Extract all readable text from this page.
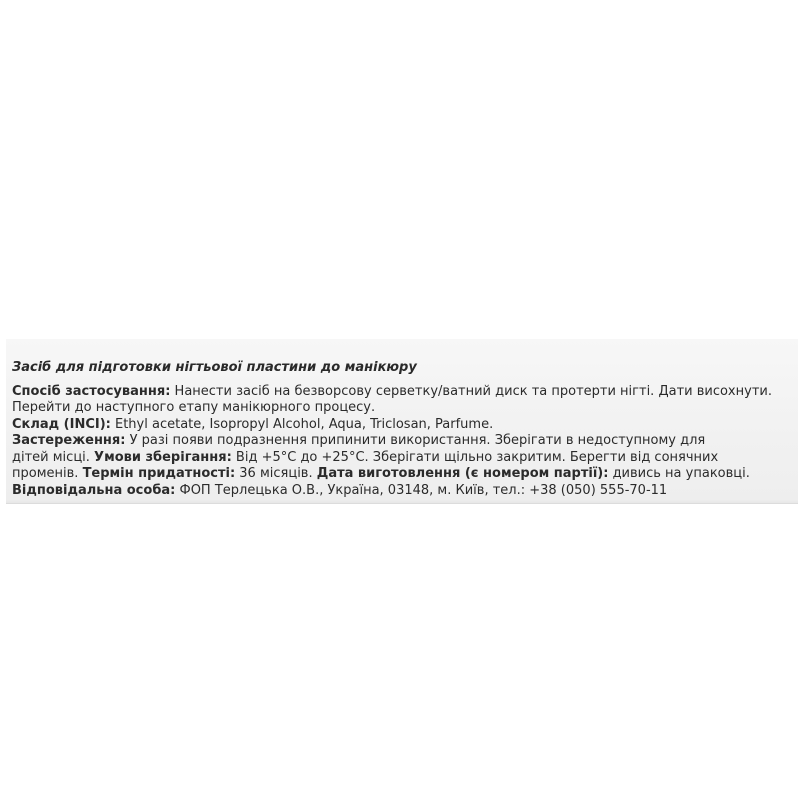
Засіб для підготовки нігтьової пластини до манікюру
Спосіб застосування: Нанести засіб на безворсову серветку/ватний диск та протерти нігті. Дати висохнути.
Перейти до наступного етапу манікюрного процесу.
Склад (INCI): Ethyl acetate, Isopropyl Alcohol, Aqua, Triclosan, Parfume.
Застереження: У разі появи подразнення припинити використання. Зберігати в недоступному для
дітей місці. Умови зберігання: Від +5°C до +25°C. Зберігати щільно закритим. Берегти від сонячних
променів. Термін придатності: 36 місяців. Дата виготовлення (є номером партії): дивись на упаковці.
Відповідальна особа: ФОП Терлецька О.В., Україна, 03148, м. Київ, тел.: +38 (050) 555-70-11
